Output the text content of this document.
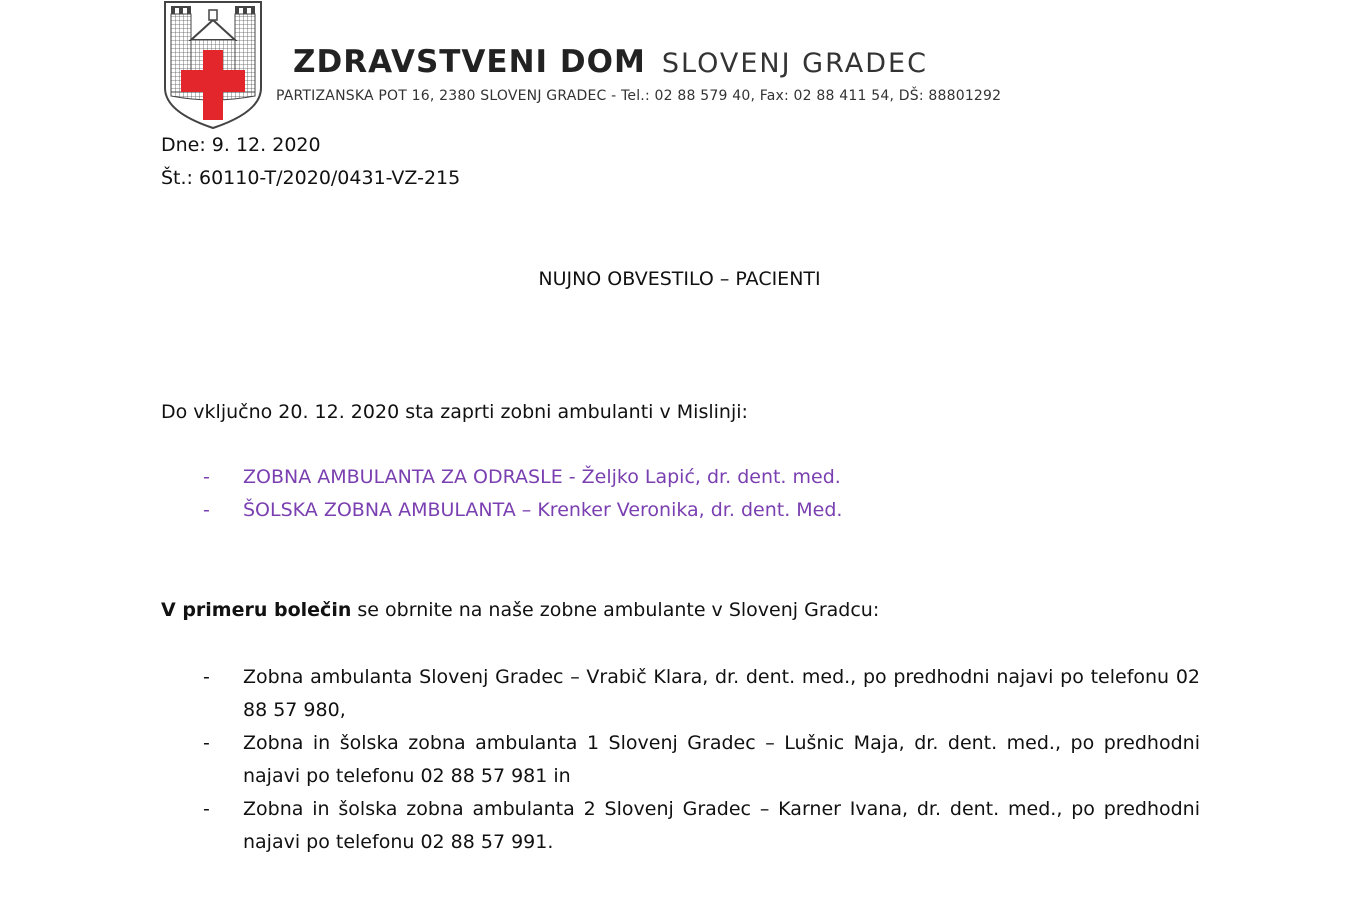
ZDRAVSTVENI DOM SLOVENJ GRADEC
PARTIZANSKA POT 16, 2380 SLOVENJ GRADEC - Tel.: 02 88 579 40, Fax: 02 88 411 54, DŠ: 88801292
Dne: 9. 12. 2020
Št.: 60110-T/2020/0431-VZ-215
NUJNO OBVESTILO – PACIENTI
Do vključno 20. 12. 2020 sta zaprti zobni ambulanti v Mislinji:
- ZOBNA AMBULANTA ZA ODRASLE - Željko Lapić, dr. dent. med.
- ŠOLSKA ZOBNA AMBULANTA – Krenker Veronika, dr. dent. Med.
V primeru bolečin se obrnite na naše zobne ambulante v Slovenj Gradcu:
- Zobna ambulanta Slovenj Gradec – Vrabič Klara, dr. dent. med., po predhodni najavi po telefonu 02 88 57 980,
- Zobna in šolska zobna ambulanta 1 Slovenj Gradec – Lušnic Maja, dr. dent. med., po predhodni najavi po telefonu 02 88 57 981 in
- Zobna in šolska zobna ambulanta 2 Slovenj Gradec – Karner Ivana, dr. dent. med., po predhodni najavi po telefonu 02 88 57 991.
